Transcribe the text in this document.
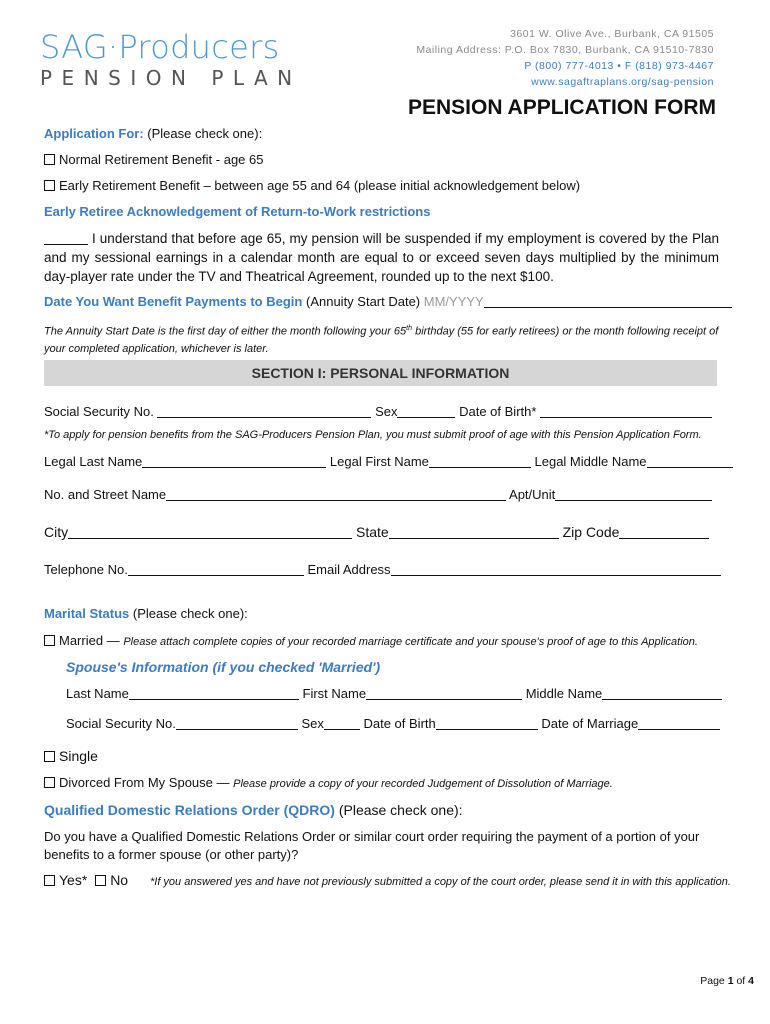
SAG·Producers
PENSION PLAN
3601 W. Olive Ave., Burbank, CA 91505
Mailing Address: P.O. Box 7830, Burbank, CA 91510-7830
P (800) 777-4013 • F (818) 973-4467
www.sagaftraplans.org/sag-pension
PENSION APPLICATION FORM
Application For: (Please check one):
Normal Retirement Benefit - age 65
Early Retirement Benefit – between age 55 and 64 (please initial acknowledgement below)
Early Retiree Acknowledgement of Return-to-Work restrictions
I understand that before age 65, my pension will be suspended if my employment is covered by the Plan and my sessional earnings in a calendar month are equal to or exceed seven days multiplied by the minimum day-player rate under the TV and Theatrical Agreement, rounded up to the next $100.
Date You Want Benefit Payments to Begin (Annuity Start Date) MM/YYYY
The Annuity Start Date is the first day of either the month following your 65th birthday (55 for early retirees) or the month following receipt of your completed application, whichever is later.
SECTION I: PERSONAL INFORMATION
Social Security No.	Sex	Date of Birth*
*To apply for pension benefits from the SAG-Producers Pension Plan, you must submit proof of age with this Pension Application Form.
Legal Last Name	Legal First Name	Legal Middle Name
No. and Street Name	Apt/Unit
City	State	Zip Code
Telephone No.	Email Address
Marital Status (Please check one):
Married — Please attach complete copies of your recorded marriage certificate and your spouse's proof of age to this Application.
Spouse's Information (if you checked 'Married')
Last Name	First Name	Middle Name
Social Security No.	Sex	Date of Birth	Date of Marriage
Single
Divorced From My Spouse — Please provide a copy of your recorded Judgement of Dissolution of Marriage.
Qualified Domestic Relations Order (QDRO) (Please check one):
Do you have a Qualified Domestic Relations Order or similar court order requiring the payment of a portion of your benefits to a former spouse (or other party)?
Yes* No *If you answered yes and have not previously submitted a copy of the court order, please send it in with this application.
Page 1 of 4
